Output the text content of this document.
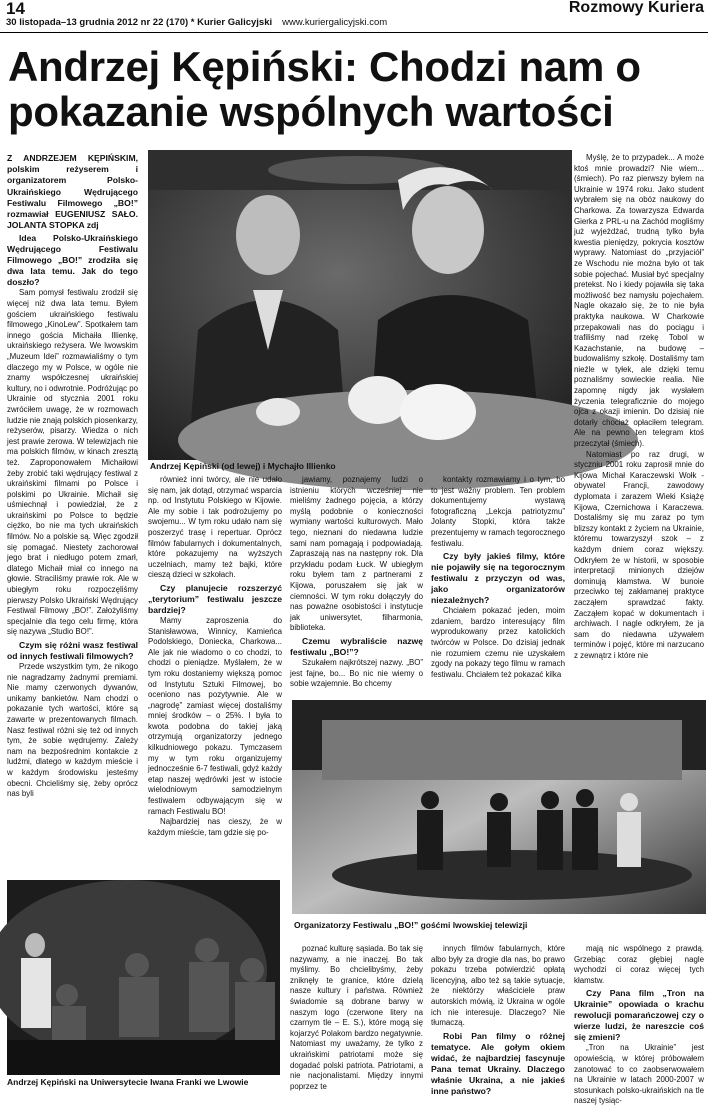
14
30 listopada–13 grudnia 2012 nr 22 (170) * Kurier Galicyjski www.kuriergalicyjski.com
Rozmowy Kuriera
Andrzej Kępiński: Chodzi nam o pokazanie wspólnych wartości
Andrzej Kępiński (od lewej) i Mychajło Illienko
Organizatorzy Festiwalu „BO!” gośćmi lwowskiej telewizji
Andrzej Kępiński na Uniwersytecie Iwana Franki we Lwowie

Z ANDRZEJEM KĘPIŃSKIM, polskim reżyserem i organizatorem Polsko-Ukraińskiego Wędrującego Festiwalu Filmowego „BO!” rozmawiał EUGENIUSZ SAŁO. JOLANTA STOPKA zdj

Idea Polsko-Ukraińskiego Wędrującego Festiwalu Filmowego „BO!” zrodziła się dwa lata temu. Jak do tego doszło?

Sam pomysł festiwalu zrodził się więcej niż dwa lata temu. Byłem gościem ukraińskiego festiwalu filmowego „KinoLew”. Spotkałem tam innego gościa Michaiła Illienkę, ukraińskiego reżysera. We lwowskim „Muzeum Idei” rozmawialiśmy o tym dlaczego my w Polsce, w ogóle nie znamy współczesnej ukraińskiej kultury, no i odwrotnie. Podróżując po Ukrainie od stycznia 2001 roku zwróciłem uwagę, że w rozmowach ludzie nie znają polskich piosenkarzy, reżyserów, pisarzy. Wiedza o nich jest prawie zerowa. W telewizjach nie ma polskich filmów, w kinach zresztą też. Zaproponowałem Michaiłowi żeby zrobić taki wędrujący festiwal z ukraińskimi filmami po Polsce i polskimi po Ukrainie. Michaił się uśmiechnął i powiedział, że z ukraińskimi po Polsce to będzie ciężko, bo nie ma tych ukraińskich filmów. No a polskie są. Więc zgodził się pomagać. Niestety zachorował jego brat i niedługo potem zmarł, dlatego Michaił miał co innego na głowie. Straciliśmy prawie rok. Ale w ubiegłym roku rozpoczęliśmy pierwszy Polsko Ukraiński Wędrujący Festiwal Filmowy „BO!”. Założyliśmy specjalnie dla tego celu firmę, która się nazywa „Studio BO!”.

Czym się różni wasz festiwal od innych festiwali filmowych?

Przede wszystkim tym, że nikogo nie nagradzamy żadnymi premiami. Nie mamy czerwonych dywanów, unikamy bankietów. Nam chodzi o pokazanie tych wartości, które są zawarte w prezentowanych filmach. Nasz festiwal różni się też od innych tym, że sobie wędrujemy. Zależy nam na bezpośrednim kontakcie z ludźmi, dlatego w każdym mieście i w każdym środowisku jesteśmy obecni. Chcieliśmy się, żeby oprócz nas byli

również inni twórcy, ale nie udało się nam, jak dotąd, otrzymać wsparcia np. od Instytutu Polskiego w Kijowie. Ale my sobie i tak podrożujemy po swojemu... W tym roku udało nam się poszerzyć trasę i repertuar. Oprócz filmów fabularnych i dokumentalnych, które pokazujemy na wyższych uczelniach, mamy też bajki, które cieszą dzieci w szkołach.

Czy planujecie rozszerzyć „terytorium” festiwalu jeszcze bardziej?

Mamy zaproszenia do Stanisławowa, Winnicy, Kamieńca Podolskiego, Doniecka, Charkowa... Ale jak nie wiadomo o co chodzi, to chodzi o pieniądze. Myślałem, że w tym roku dostaniemy większą pomoc od Instytutu Sztuki Filmowej, bo oceniono nas pozytywnie. Ale w „nagrodę” zamiast więcej dostaliśmy mniej środków – o 25%. I była to kwota podobna do takiej jaką otrzymują organizatorzy jednego kilkudniowego pokazu. Tymczasem my w tym roku organizujemy jednocześnie 6-7 festiwali, gdyż każdy etap naszej wędrówki jest w istocie wielodniowym samodzielnym festiwalem odbywającym się w ramach Festiwalu BO!

Najbardziej nas cieszy, że w każdym mieście, tam gdzie się po-

jawiamy, poznajemy ludzi o istnieniu których wcześniej nie mieliśmy żadnego pojęcia, a którzy myślą podobnie o konieczności wymiany wartości kulturowych. Mało tego, nieznani do niedawna ludzie sami nam pomagają i podpowiadają. Zapraszają nas na następny rok. Dla przykładu podam Łuck. W ubiegłym roku byłem tam z partnerami z Kijowa, poruszałem się jak w ciemności. W tym roku dołączyły do nas poważne osobistości i instytucje jak uniwersytet, filharmonia, biblioteka.

Czemu wybraliście nazwę festiwalu „BO!”?

Szukałem najkrótszej nazwy. „BO” jest fajne, bo... Bo nic nie wiemy o sobie wzajemnie. Bo chcemy

kontakty rozmawiamy i o tym, bo to jest ważny problem. Ten problem dokumentujemy wystawą fotograficzną „Lekcja patriotyzmu” Jolanty Stopki, która także prezentujemy w ramach tegorocznego festiwalu.

Czy były jakieś filmy, które nie pojawiły się na tegorocznym festiwalu z przyczyn od was, jako organizatorów niezależnych?

Chciałem pokazać jeden, moim zdaniem, bardzo interesujący film wyprodukowany przez katolickich twórców w Polsce. Do dzisiaj jednak nie rozumiem czemu nie uzyskałem zgody na pokazy tego filmu w ramach festiwalu. Chciałem też pokazać kilka

Myślę, że to przypadek... A może ktoś mnie prowadzi? Nie wiem... (śmiech). Po raz pierwszy byłem na Ukrainie w 1974 roku. Jako student wybrałem się na obóz naukowy do Charkowa. Za towarzysza Edwarda Gierka z PRL-u na Zachód mogliśmy już wyjeżdżać, trudną tylko była kwestia pieniędzy, pokrycia kosztów wyprawy. Natomiast do „przyjaciół” ze Wschodu nie można było ot tak sobie pojechać. Musiał być specjalny pretekst. No i kiedy pojawiła się taka możliwość bez namysłu pojechałem. Nagle okazało się, że to nie była praktyka naukowa. W Charkowie przepakowali nas do pociągu i trafiliśmy nad rzekę Tobol w Kazachstanie, na budowę – budowaliśmy szkołę. Dostaliśmy tam nieźle w tyłek, ale dzięki temu poznaliśmy sowieckie realia. Nie zapomnę nigdy jak wysłałem życzenia telegraficznie do mojego ojca z okazji imienin. Do dzisiaj nie dotarły chociaż opłaciłem telegram. Ale na pewno ten telegram ktoś przeczytał (śmiech).

Natomiast po raz drugi, w styczniu 2001 roku zaprosił mnie do Kijowa Michał Karaczewski Wołk - obywatel Francji, zawodowy dyplomata i zarazem Wieki Książę Kijowa, Czernichowa i Karaczewa. Dostaliśmy się mu zaraz po tym blizszy kontakt z życiem na Ukrainie, któremu towarzyszył szok – z każdym dniem coraz większy. Odkryłem że w historii, w sposobie interpretacji minionych dziejów dominują kłamstwa. W bunoie przeciwko tej zakłamanej praktyce zacząłem sprawdzać fakty. Zacząłem kopać w dokumentach i archiwach. I nagle odkryłem, że ja sam do niedawna używałem terminów i pojęć, które mi narzucano z zewnątrz i które nie

poznać kulturę sąsiada. Bo tak się nazywamy, a nie inaczej. Bo tak myślimy. Bo chcielibyśmy, żeby zniknęły te granice, które dzielą nasze kultury i państwa. Również świadomie są dobrane barwy w naszym logo (czerwone litery na czarnym tle – E. S.), które mogą się kojarzyć Polakom bardzo negatywnie. Natomiast my uważamy, że tylko z ukraińskimi patriotami może się dogadać polski patriota. Patriotami, a nie nacjonalistami. Między innymi poprzez te

innych filmów fabularnych, które albo były za drogie dla nas, bo prawo pokazu trzeba potwierdzić opłatą licencyjną, albo też są takie sytuacje, że niektórzy właściciele praw autorskich mówią, iż Ukraina w ogóle ich nie interesuje. Dlaczego? Nie tłumaczą.

Robi Pan filmy o różnej tematyce. Ale gołym okiem widać, że najbardziej fascynuje Pana temat Ukrainy. Dlaczego właśnie Ukraina, a nie jakieś inne państwo?

mają nic wspólnego z prawdą. Grzebiąc coraz głębiej nagle wychodzi ci coraz więcej tych kłamstw.

Czy Pana film „Tron na Ukrainie” opowiada o krachu rewolucji pomarańczowej czy o wierze ludzi, że nareszcie coś się zmieni?

„Tron na Ukrainie” jest opowieścią, w której próbowałem zanotować to co zaobserwowałem na Ukrainie w latach 2000-2007 w stosunkach polsko-ukraińskich na tle naszej tysiąc-
